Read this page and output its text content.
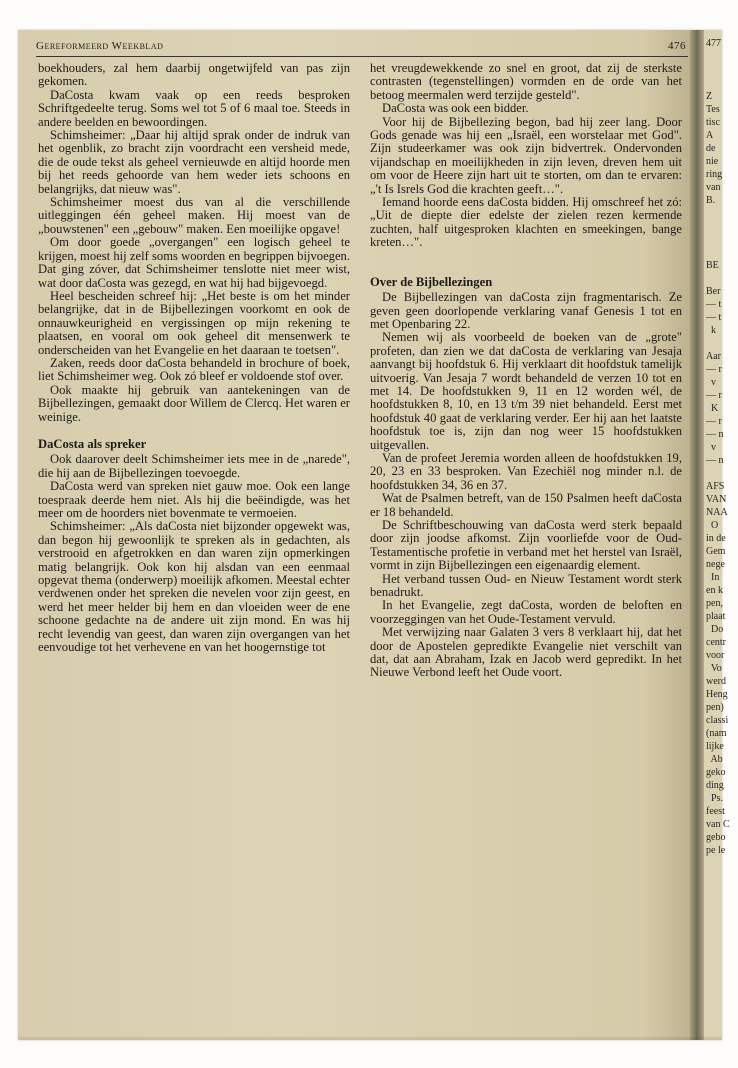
Gereformeerd Weekblad	476

boekhouders, zal hem daarbij ongetwijfeld van pas zijn gekomen.

DaCosta kwam vaak op een reeds besproken Schriftgedeelte terug. Soms wel tot 5 of 6 maal toe. Steeds in andere beelden en bewoordingen.

Schimsheimer: „Daar hij altijd sprak onder de indruk van het ogenblik, zo bracht zijn voordracht een versheid mede, die de oude tekst als geheel vernieuwde en altijd hoorde men bij het reeds gehoorde van hem weder iets schoons en belangrijks, dat nieuw was".

Schimsheimer moest dus van al die verschillende uitleggingen één geheel maken. Hij moest van de „bouwstenen" een „gebouw" maken. Een moeilijke opgave!

Om door goede „overgangen" een logisch geheel te krijgen, moest hij zelf soms woorden en begrippen bijvoegen. Dat ging zóver, dat Schimsheimer tenslotte niet meer wist, wat door daCosta was gezegd, en wat hij had bijgevoegd.

Heel bescheiden schreef hij: „Het beste is om het minder belangrijke, dat in de Bijbellezingen voorkomt en ook de onnauwkeurigheid en vergissingen op mijn rekening te plaatsen, en vooral om ook geheel dit mensenwerk te onderscheiden van het Evangelie en het daaraan te toetsen".

Zaken, reeds door daCosta behandeld in brochure of boek, liet Schimsheimer weg. Ook zó bleef er voldoende stof over.

Ook maakte hij gebruik van aantekeningen van de Bijbellezingen, gemaakt door Willem de Clercq. Het waren er weinige.

DaCosta als spreker

Ook daarover deelt Schimsheimer iets mee in de „narede", die hij aan de Bijbellezingen toevoegde.

DaCosta werd van spreken niet gauw moe. Ook een lange toespraak deerde hem niet. Als hij die beëindigde, was het meer om de hoorders niet bovenmate te vermoeien.

Schimsheimer: „Als daCosta niet bijzonder opgewekt was, dan begon hij gewoonlijk te spreken als in gedachten, als verstrooid en afgetrokken en dan waren zijn opmerkingen matig belangrijk. Ook kon hij alsdan van een eenmaal opgevat thema (onderwerp) moeilijk afkomen. Meestal echter verdwenen onder het spreken die nevelen voor zijn geest, en werd het meer helder bij hem en dan vloeiden weer de ene schoone gedachte na de andere uit zijn mond. En was hij recht levendig van geest, dan waren zijn overgangen van het eenvoudige tot het verhevene en van het hoogernstige tot

het vreugdewekkende zo snel en groot, dat zij de sterkste contrasten (tegenstellingen) vormden en de orde van het betoog meermalen werd terzijde gesteld".

DaCosta was ook een bidder.

Voor hij de Bijbellezing begon, bad hij zeer lang. Door Gods genade was hij een „Israël, een worstelaar met God". Zijn studeerkamer was ook zijn bidvertrek. Ondervonden vijandschap en moeilijkheden in zijn leven, dreven hem uit om voor de Heere zijn hart uit te storten, om dan te ervaren: „'t Is Isrels God die krachten geeft…".

Iemand hoorde eens daCosta bidden. Hij omschreef het zó: „Uit de diepte dier edelste der zielen rezen kermende zuchten, half uitgesproken klachten en smeekingen, bange kreten…".

Over de Bijbellezingen

De Bijbellezingen van daCosta zijn fragmentarisch. Ze geven geen doorlopende verklaring vanaf Genesis 1 tot en met Openbaring 22.

Nemen wij als voorbeeld de boeken van de „grote" profeten, dan zien we dat daCosta de verklaring van Jesaja aanvangt bij hoofdstuk 6. Hij verklaart dit hoofdstuk tamelijk uitvoerig. Van Jesaja 7 wordt behandeld de verzen 10 tot en met 14. De hoofdstukken 9, 11 en 12 worden wél, de hoofdstukken 8, 10, en 13 t/m 39 niet behandeld. Eerst met hoofdstuk 40 gaat de verklaring verder. Eer hij aan het laatste hoofdstuk toe is, zijn dan nog weer 15 hoofdstukken uitgevallen.

Van de profeet Jeremia worden alleen de hoofdstukken 19, 20, 23 en 33 besproken. Van Ezechiël nog minder n.l. de hoofdstukken 34, 36 en 37.

Wat de Psalmen betreft, van de 150 Psalmen heeft daCosta er 18 behandeld.

De Schriftbeschouwing van daCosta werd sterk bepaald door zijn joodse afkomst. Zijn voorliefde voor de Oud-Testamentische profetie in verband met het herstel van Israël, vormt in zijn Bijbellezingen een eigenaardig element.

Het verband tussen Oud- en Nieuw Testament wordt sterk benadrukt.

In het Evangelie, zegt daCosta, worden de beloften en voorzeggingen van het Oude-Testament vervuld.

Met verwijzing naar Galaten 3 vers 8 verklaart hij, dat het door de Apostelen gepredikte Evangelie niet verschilt van dat, dat aan Abraham, Izak en Jacob werd gepredikt. In het Nieuwe Verbond leeft het Oude voort.

477
Z
Tes
tisc
A
de
nie
ring
van
B.

BE

Ber
— t
— t
k

Aar
— r
v
— r
K
— r
— n
v
— n

AFS
VAN
NAA
O
in de
Gem
nege
In
en k
pen,
plaat
Do
centr
voor
Vo
werd
Heng
pen)
classi
(nam
lijke
Ab
geko
ding
Ps.
feest
van C
gebo
pe le
